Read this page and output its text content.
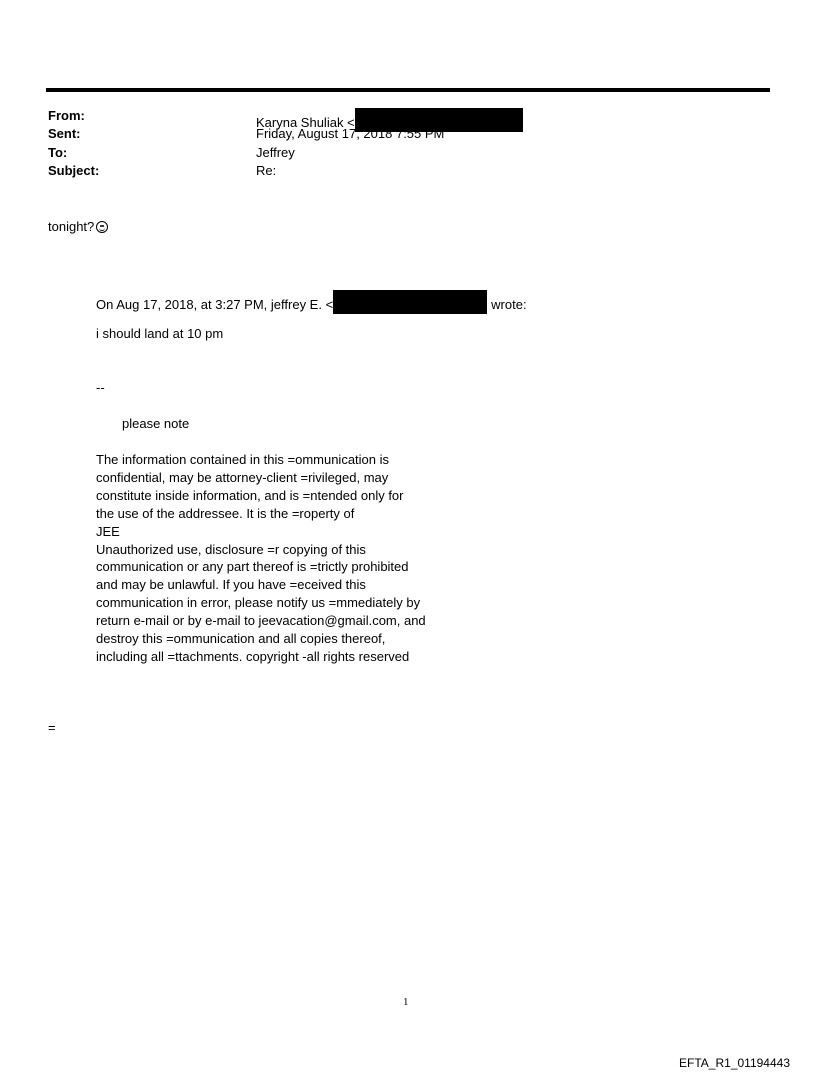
From:	Karyna Shuliak <
Sent:	Friday, August 17, 2018 7:55 PM
To:	Jeffrey
Subject:	Re:
tonight?
On Aug 17, 2018, at 3:27 PM, jeffrey E. <	wrote:
i should land at 10 pm
--
please note
The information contained in this =ommunication is
confidential, may be attorney-client =rivileged, may
constitute inside information, and is =ntended only for
the use of the addressee. It is the =roperty of
JEE
Unauthorized use, disclosure =r copying of this
communication or any part thereof is =trictly prohibited
and may be unlawful. If you have =eceived this
communication in error, please notify us =mmediately by
return e-mail or by e-mail to jeevacation@gmail.com, and
destroy this =ommunication and all copies thereof,
including all =ttachments. copyright -all rights reserved
=
1
EFTA_R1_01194443
